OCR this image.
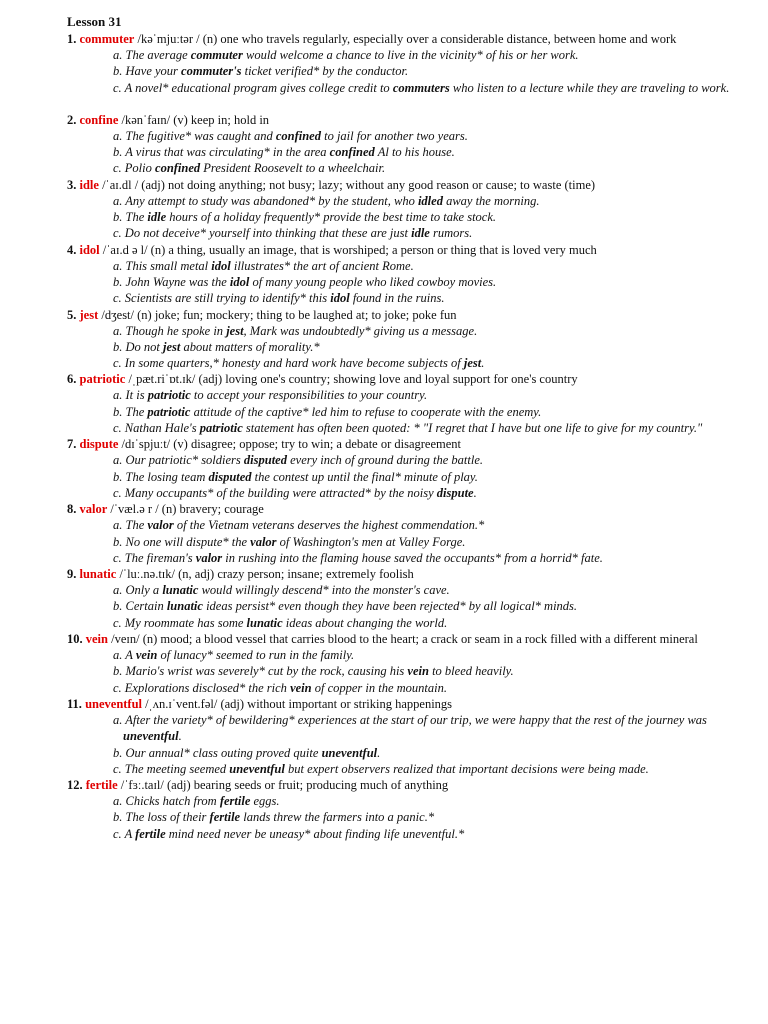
Lesson 31
1. commuter /kəˈmjuːtər / (n) one who travels regularly, especially over a considerable distance, between home and work
a. The average commuter would welcome a chance to live in the vicinity* of his or her work.
b. Have your commuter's ticket verified* by the conductor.
c. A novel* educational program gives college credit to commuters who listen to a lecture while they are traveling to work.
2. confine /kənˈfaɪn/ (v) keep in; hold in
a. The fugitive* was caught and confined to jail for another two years.
b. A virus that was circulating* in the area confined Al to his house.
c. Polio confined President Roosevelt to a wheelchair.
3. idle /ˈaɪ.dl / (adj) not doing anything; not busy; lazy; without any good reason or cause; to waste (time)
a. Any attempt to study was abandoned* by the student, who idled away the morning.
b. The idle hours of a holiday frequently* provide the best time to take stock.
c. Do not deceive* yourself into thinking that these are just idle rumors.
4. idol /ˈaɪ.d ə l/ (n) a thing, usually an image, that is worshiped; a person or thing that is loved very much
a. This small metal idol illustrates* the art of ancient Rome.
b. John Wayne was the idol of many young people who liked cowboy movies.
c. Scientists are still trying to identify* this idol found in the ruins.
5. jest /dʒest/ (n) joke; fun; mockery; thing to be laughed at; to joke; poke fun
a. Though he spoke in jest, Mark was undoubtedly* giving us a message.
b. Do not jest about matters of morality.*
c. In some quarters,* honesty and hard work have become subjects of jest.
6. patriotic /ˌpæt.riˈɒt.ɪk/ (adj) loving one's country; showing love and loyal support for one's country
a. It is patriotic to accept your responsibilities to your country.
b. The patriotic attitude of the captive* led him to refuse to cooperate with the enemy.
c. Nathan Hale's patriotic statement has often been quoted: * "I regret that I have but one life to give for my country."
7. dispute /dɪˈspjuːt/ (v) disagree; oppose; try to win; a debate or disagreement
a. Our patriotic* soldiers disputed every inch of ground during the battle.
b. The losing team disputed the contest up until the final* minute of play.
c. Many occupants* of the building were attracted* by the noisy dispute.
8. valor /ˈvæl.ə r / (n) bravery; courage
a. The valor of the Vietnam veterans deserves the highest commendation.*
b. No one will dispute* the valor of Washington's men at Valley Forge.
c. The fireman's valor in rushing into the flaming house saved the occupants* from a horrid* fate.
9. lunatic /ˈluː.nə.tɪk/ (n, adj) crazy person; insane; extremely foolish
a. Only a lunatic would willingly descend* into the monster's cave.
b. Certain lunatic ideas persist* even though they have been rejected* by all logical* minds.
c. My roommate has some lunatic ideas about changing the world.
10. vein /veɪn/ (n) mood; a blood vessel that carries blood to the heart; a crack or seam in a rock filled with a different mineral
a. A vein of lunacy* seemed to run in the family.
b. Mario's wrist was severely* cut by the rock, causing his vein to bleed heavily.
c. Explorations disclosed* the rich vein of copper in the mountain.
11. uneventful /ˌʌn.ɪˈvent.fəl/ (adj) without important or striking happenings
a. After the variety* of bewildering* experiences at the start of our trip, we were happy that the rest of the journey was uneventful.
b. Our annual* class outing proved quite uneventful.
c. The meeting seemed uneventful but expert observers realized that important decisions were being made.
12. fertile /ˈfɜː.taɪl/ (adj) bearing seeds or fruit; producing much of anything
a. Chicks hatch from fertile eggs.
b. The loss of their fertile lands threw the farmers into a panic.*
c. A fertile mind need never be uneasy* about finding life uneventful.*
